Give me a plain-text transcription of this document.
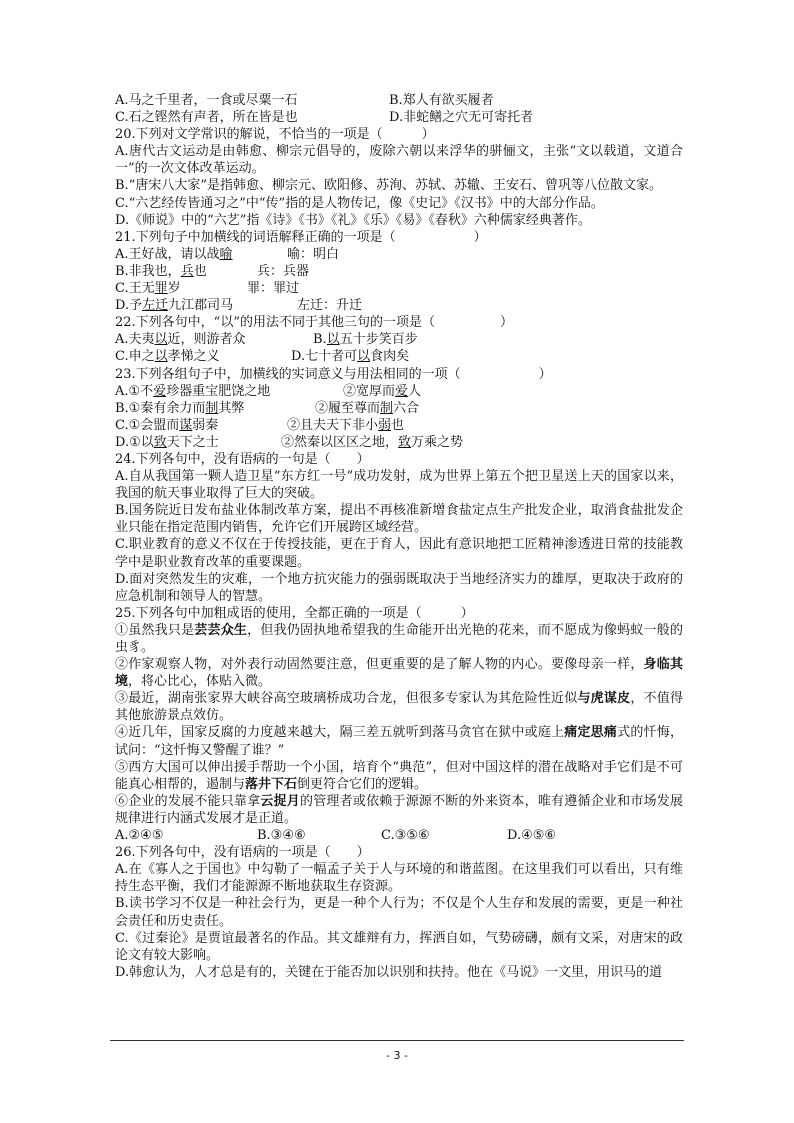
A.马之千里者，一食或尽粟一石	B.郑人有欲买履者
C.石之铿然有声者，所在皆是也	D.非蛇鳝之穴无可寄托者
20.下列对文学常识的解说，不恰当的一项是（　　　）
A.唐代古文运动是由韩愈、柳宗元倡导的，废除六朝以来浮华的骈俪文，主张“文以载道，文道合一”的一次文体改革运动。
B.“唐宋八大家”是指韩愈、柳宗元、欧阳修、苏洵、苏轼、苏辙、王安石、曾巩等八位散文家。
C.“六艺经传皆通习之”中“传”指的是人物传记，像《史记》《汉书》中的大部分作品。
D.《师说》中的“六艺”指《诗》《书》《礼》《乐》《易》《春秋》六种儒家经典著作。
21.下列句子中加横线的词语解释正确的一项是（　　　　　　）
A.王好战，请以战喻	喻：明白
B.非我也，兵也	兵：兵器
C.王无罪岁	罪：罪过
D.予左迁九江郡司马	左迁：升迁
22.下列各句中，“以”的用法不同于其他三句的一项是（　　　　　）
A.夫夷以近，则游者众	B.以五十步笑百步
C.申之以孝悌之义	D.七十者可以食肉矣
23.下列各组句子中，加横线的实词意义与用法相同的一项（　　　　　　）
A.①不爱珍器重宝肥饶之地	②宽厚而爱人
B.①秦有余力而制其弊	②履至尊而制六合
C.①会盟而谋弱秦	②且夫天下非小弱也
D.①以致天下之士	②然秦以区区之地，致万乘之势
24.下列各句中，没有语病的一句是（　　）
A.自从我国第一颗人造卫星“东方红一号”成功发射，成为世界上第五个把卫星送上天的国家以来，我国的航天事业取得了巨大的突破。
B.国务院近日发布盐业体制改革方案，提出不再核准新增食盐定点生产批发企业，取消食盐批发企业只能在指定范围内销售，允许它们开展跨区域经营。
C.职业教育的意义不仅在于传授技能，更在于育人，因此有意识地把工匠精神渗透进日常的技能教学中是职业教育改革的重要课题。
D.面对突然发生的灾难，一个地方抗灾能力的强弱既取决于当地经济实力的雄厚，更取决于政府的应急机制和领导人的智慧。
25.下列各句中加粗成语的使用，全都正确的一项是（　　　）
①虽然我只是芸芸众生，但我仍固执地希望我的生命能开出光艳的花来，而不愿成为像蚂蚁一般的虫豸。
②作家观察人物，对外表行动固然要注意，但更重要的是了解人物的内心。要像母亲一样，身临其境，将心比心，体贴入微。
③最近，湖南张家界大峡谷高空玻璃桥成功合龙，但很多专家认为其危险性近似与虎谋皮，不值得其他旅游景点效仿。
④近几年，国家反腐的力度越来越大，隔三差五就听到落马贪官在狱中或庭上痛定思痛式的忏悔，试问：“这忏悔又警醒了谁？”
⑤西方大国可以伸出援手帮助一个小国，培育个“典范”，但对中国这样的潜在战略对手它们是不可能真心相帮的，遏制与落井下石倒更符合它们的逻辑。
⑥企业的发展不能只靠拿云捉月的管理者或依赖于源源不断的外来资本，唯有遵循企业和市场发展规律进行内涵式发展才是正道。
A.②④⑤	B.③④⑥	C.③⑤⑥	D.④⑤⑥
26.下列各句中，没有语病的一项是（　　）
A.在《寡人之于国也》中勾勒了一幅孟子关于人与环境的和谐蓝图。在这里我们可以看出，只有维持生态平衡，我们才能源源不断地获取生存资源。
B.读书学习不仅是一种社会行为，更是一种个人行为；不仅是个人生存和发展的需要，更是一种社会责任和历史责任。
C.《过秦论》是贾谊最著名的作品。其文雄辩有力，挥洒自如，气势磅礴，颇有文采，对唐宋的政论文有较大影响。
D.韩愈认为，人才总是有的，关键在于能否加以识别和扶持。他在《马说》一文里，用识马的道
- 3 -
